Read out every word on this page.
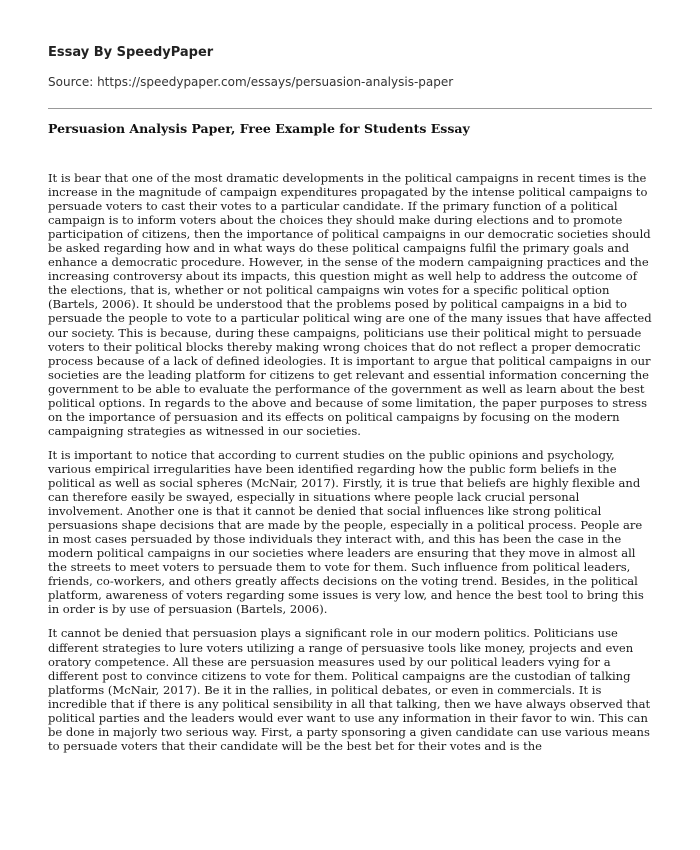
Essay By SpeedyPaper
Source: https://speedypaper.com/essays/persuasion-analysis-paper
Persuasion Analysis Paper, Free Example for Students Essay

It is bear that one of the most dramatic developments in the political campaigns in recent times is the increase in the magnitude of campaign expenditures propagated by the intense political campaigns to persuade voters to cast their votes to a particular candidate. If the primary function of a political campaign is to inform voters about the choices they should make during elections and to promote participation of citizens, then the importance of political campaigns in our democratic societies should be asked regarding how and in what ways do these political campaigns fulfil the primary goals and enhance a democratic procedure. However, in the sense of the modern campaigning practices and the increasing controversy about its impacts, this question might as well help to address the outcome of the elections, that is, whether or not political campaigns win votes for a specific political option (Bartels, 2006). It should be understood that the problems posed by political campaigns in a bid to persuade the people to vote to a particular political wing are one of the many issues that have affected our society. This is because, during these campaigns, politicians use their political might to persuade voters to their political blocks thereby making wrong choices that do not reflect a proper democratic process because of a lack of defined ideologies. It is important to argue that political campaigns in our societies are the leading platform for citizens to get relevant and essential information concerning the government to be able to evaluate the performance of the government as well as learn about the best political options. In regards to the above and because of some limitation, the paper purposes to stress on the importance of persuasion and its effects on political campaigns by focusing on the modern campaigning strategies as witnessed in our societies.

It is important to notice that according to current studies on the public opinions and psychology, various empirical irregularities have been identified regarding how the public form beliefs in the political as well as social spheres (McNair, 2017). Firstly, it is true that beliefs are highly flexible and can therefore easily be swayed, especially in situations where people lack crucial personal involvement. Another one is that it cannot be denied that social influences like strong political persuasions shape decisions that are made by the people, especially in a political process. People are in most cases persuaded by those individuals they interact with, and this has been the case in the modern political campaigns in our societies where leaders are ensuring that they move in almost all the streets to meet voters to persuade them to vote for them. Such influence from political leaders, friends, co-workers, and others greatly affects decisions on the voting trend. Besides, in the political platform, awareness of voters regarding some issues is very low, and hence the best tool to bring this in order is by use of persuasion (Bartels, 2006).

It cannot be denied that persuasion plays a significant role in our modern politics. Politicians use different strategies to lure voters utilizing a range of persuasive tools like money, projects and even oratory competence. All these are persuasion measures used by our political leaders vying for a different post to convince citizens to vote for them. Political campaigns are the custodian of talking platforms (McNair, 2017). Be it in the rallies, in political debates, or even in commercials. It is incredible that if there is any political sensibility in all that talking, then we have always observed that political parties and the leaders would ever want to use any information in their favor to win. This can be done in majorly two serious way. First, a party sponsoring a given candidate can use various means to persuade voters that their candidate will be the best bet for their votes and is the
